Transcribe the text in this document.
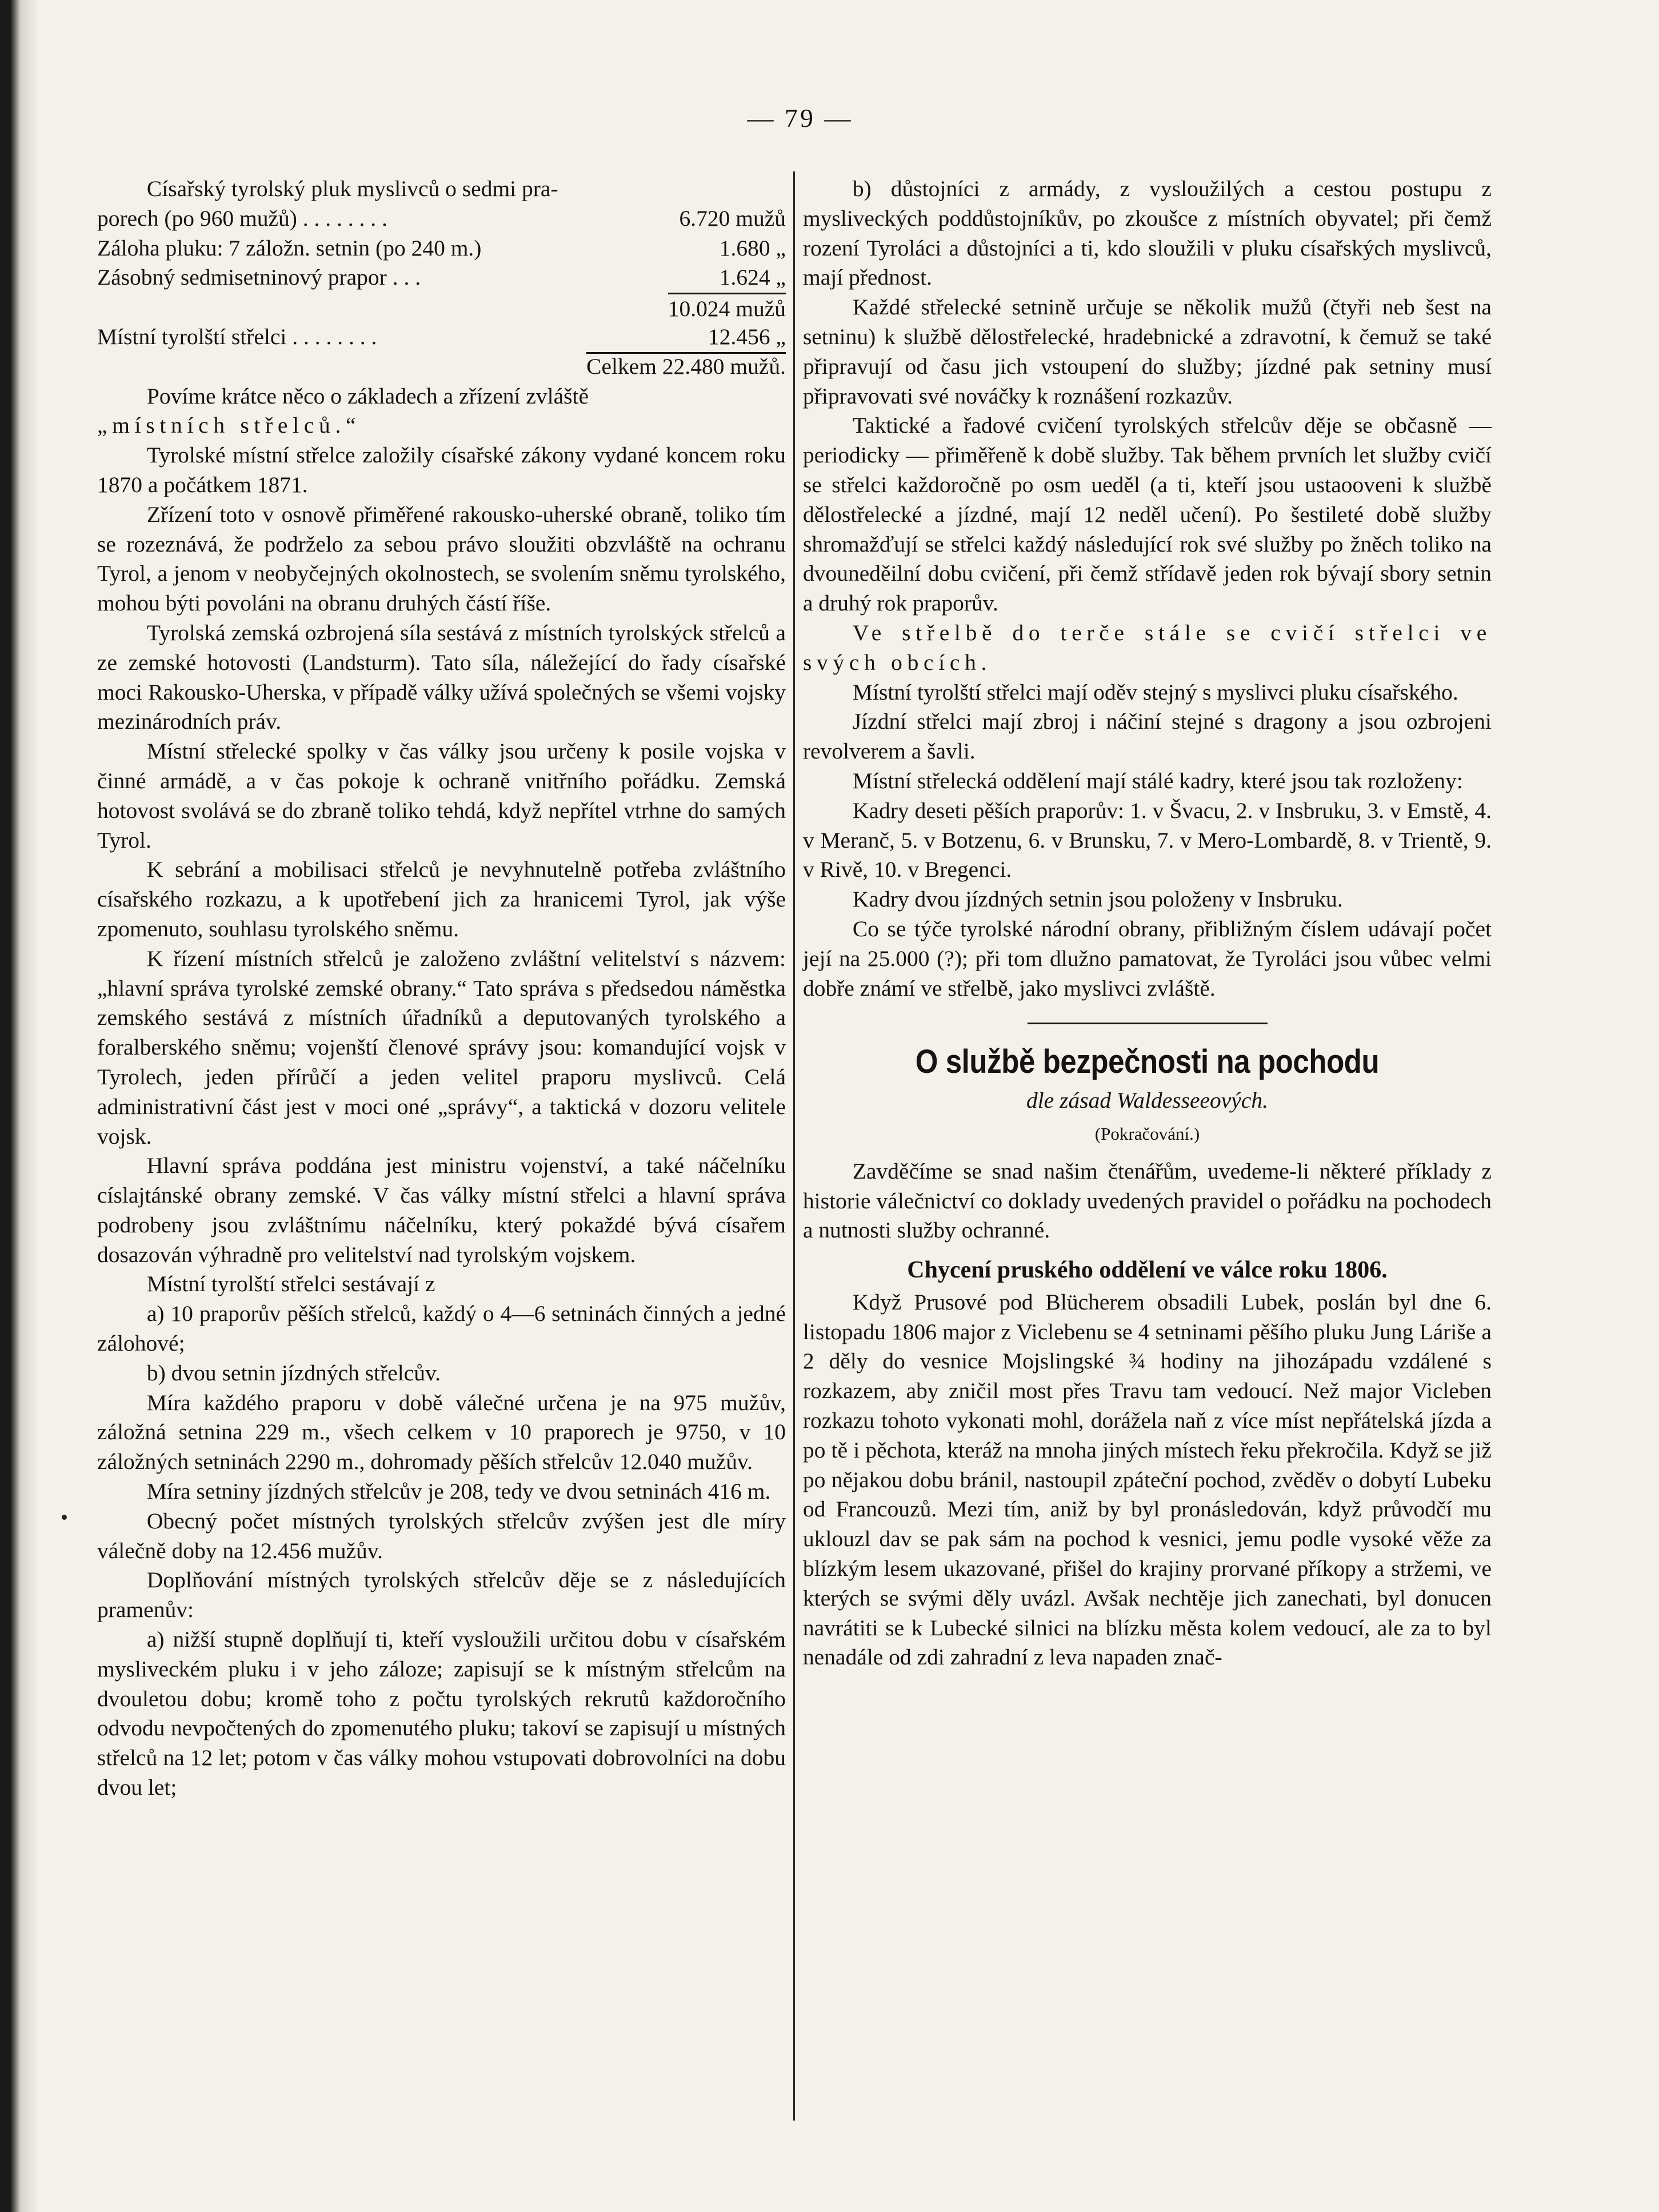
— 79 —

Císařský tyrolský pluk myslivců o sedmi pra-

porech (po 960 mužů) . . . . . . . .	6.720 mužů
Záloha pluku: 7 záložn. setnin (po 240 m.)	1.680 „
Zásobný sedmisetninový prapor . . .	1.624 „
10.024 mužů
Místní tyrolští střelci . . . . . . . .	12.456 „
Celkem 22.480 mužů.

Povíme krátce něco o základech a zřízení zvláště

„místních střelců.“

Tyrolské místní střelce založily císařské zákony vydané koncem roku 1870 a počátkem 1871.

Zřízení toto v osnově přiměřené rakousko-uherské obraně, toliko tím se rozeznává, že podrželo za sebou právo sloužiti obzvláště na ochranu Tyrol, a jenom v neobyčejných okolnostech, se svolením sněmu tyrolského, mohou býti povoláni na obranu druhých částí říše.

Tyrolská zemská ozbrojená síla sestává z místních tyrolskýck střelců a ze zemské hotovosti (Landsturm). Tato síla, náležející do řady císařské moci Rakousko-Uherska, v případě války užívá společných se všemi vojsky mezinárodních práv.

Místní střelecké spolky v čas války jsou určeny k posile vojska v činné armádě, a v čas pokoje k ochraně vnitřního pořádku. Zemská hotovost svolává se do zbraně toliko tehdá, když nepřítel vtrhne do samých Tyrol.

K sebrání a mobilisaci střelců je nevyhnutelně potřeba zvláštního císařského rozkazu, a k upotřebení jich za hranicemi Tyrol, jak výše zpomenuto, souhlasu tyrolského sněmu.

K řízení místních střelců je založeno zvláštní velitelství s názvem: „hlavní správa tyrolské zemské obrany.“ Tato správa s předsedou náměstka zemského sestává z místních úřadníků a deputovaných tyrolského a foralberského sněmu; vojenští členové správy jsou: komandující vojsk v Tyrolech, jeden přírůčí a jeden velitel praporu myslivců. Celá administrativní část jest v moci oné „správy“, a taktická v dozoru velitele vojsk.

Hlavní správa poddána jest ministru vojenství, a také náčelníku císlajtánské obrany zemské. V čas války místní střelci a hlavní správa podrobeny jsou zvláštnímu náčelníku, který pokaždé bývá císařem dosazován výhradně pro velitelství nad tyrolským vojskem.

Místní tyrolští střelci sestávají z

a) 10 praporův pěších střelců, každý o 4—6 setninách činných a jedné zálohové;

b) dvou setnin jízdných střelcův.

Míra každého praporu v době válečné určena je na 975 mužův, záložná setnina 229 m., všech celkem v 10 praporech je 9750, v 10 záložných setninách 2290 m., dohromady pěších střelcův 12.040 mužův.

Míra setniny jízdných střelcův je 208, tedy ve dvou setninách 416 m.

Obecný počet místných tyrolských střelcův zvýšen jest dle míry válečně doby na 12.456 mužův.

Doplňování místných tyrolských střelcův děje se z následujících pramenův:

a) nižší stupně doplňují ti, kteří vysloužili určitou dobu v císařském mysliveckém pluku i v jeho záloze; zapisují se k místným střelcům na dvouletou dobu; kromě toho z počtu tyrolských rekrutů každoročního odvodu nevpočtených do zpomenutého pluku; takoví se zapisují u místných střelců na 12 let; potom v čas války mohou vstupovati dobrovolníci na dobu dvou let;

b) důstojníci z armády, z vysloužilých a cestou postupu z mysliveckých poddůstojníkův, po zkoušce z místních obyvatel; při čemž rození Tyroláci a důstojníci a ti, kdo sloužili v pluku císařských myslivců, mají přednost.

Každé střelecké setnině určuje se několik mužů (čtyři neb šest na setninu) k službě dělostřelecké, hradebnické a zdravotní, k čemuž se také připravují od času jich vstoupení do služby; jízdné pak setniny musí připravovati své nováčky k roznášení rozkazův.

Taktické a řadové cvičení tyrolských střelcův děje se občasně — periodicky — přiměřeně k době služby. Tak během prvních let služby cvičí se střelci každoročně po osm ueděl (a ti, kteří jsou ustaooveni k službě dělostřelecké a jízdné, mají 12 neděl učení). Po šestileté době služby shromažďují se střelci každý následující rok své služby po žněch toliko na dvouneděilní dobu cvičení, při čemž střídavě jeden rok bývají sbory setnin a druhý rok praporův.

Ve střelbě do terče stále se cvičí střelci ve svých obcích.

Místní tyrolští střelci mají oděv stejný s myslivci pluku císařského.

Jízdní střelci mají zbroj i náčiní stejné s dragony a jsou ozbrojeni revolverem a šavli.

Místní střelecká oddělení mají stálé kadry, které jsou tak rozloženy:

Kadry deseti pěších praporův: 1. v Švacu, 2. v Insbruku, 3. v Emstě, 4. v Meranč, 5. v Botzenu, 6. v Brunsku, 7. v Mero-Lombardě, 8. v Trientě, 9. v Rivě, 10. v Bregenci.

Kadry dvou jízdných setnin jsou položeny v Insbruku.

Co se týče tyrolské národní obrany, přibližným číslem udávají počet její na 25.000 (?); při tom dlužno pamatovat, že Tyroláci jsou vůbec velmi dobře známí ve střelbě, jako myslivci zvláště.

O službě bezpečnosti na pochodu

dle zásad Waldesseeových.

(Pokračování.)

Zavděčíme se snad našim čtenářům, uvedeme-li některé příklady z historie válečnictví co doklady uvedených pravidel o pořádku na pochodech a nutnosti služby ochranné.

Chycení pruského oddělení ve válce roku 1806.

Když Prusové pod Blücherem obsadili Lubek, poslán byl dne 6. listopadu 1806 major z Viclebenu se 4 setninami pěšího pluku Jung Láriše a 2 děly do vesnice Mojslingské ¾ hodiny na jihozápadu vzdálené s rozkazem, aby zničil most přes Travu tam vedoucí. Než major Vicleben rozkazu tohoto vykonati mohl, dorážela naň z více míst nepřátelská jízda a po tě i pěchota, kteráž na mnoha jiných místech řeku překročila. Když se již po nějakou dobu bránil, nastoupil zpáteční pochod, zvěděv o dobytí Lubeku od Francouzů. Mezi tím, aniž by byl pronásledován, když průvodčí mu uklouzl dav se pak sám na pochod k vesnici, jemu podle vysoké věže za blízkým lesem ukazované, přišel do krajiny prorvané příkopy a stržemi, ve kterých se svými děly uvázl. Avšak nechtěje jich zanechati, byl donucen navrátiti se k Lubecké silnici na blízku města kolem vedoucí, ale za to byl nenadále od zdi zahradní z leva napaden znač-
